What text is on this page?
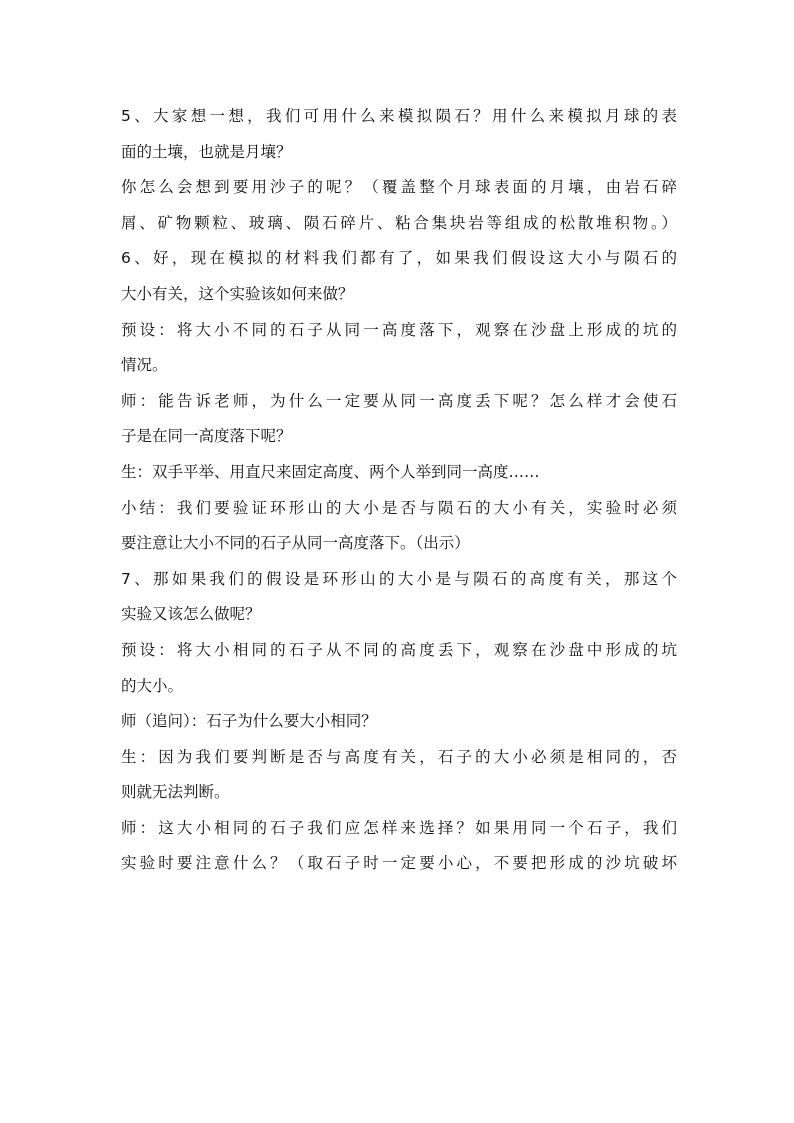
5、大家想一想，我们可用什么来模拟陨石？用什么来模拟月球的表
面的土壤，也就是月壤？
你怎么会想到要用沙子的呢？（覆盖整个月球表面的月壤，由岩石碎
屑、矿物颗粒、玻璃、陨石碎片、粘合集块岩等组成的松散堆积物。）
6、好，现在模拟的材料我们都有了，如果我们假设这大小与陨石的
大小有关，这个实验该如何来做？
预设：将大小不同的石子从同一高度落下，观察在沙盘上形成的坑的
情况。
师：能告诉老师，为什么一定要从同一高度丢下呢？怎么样才会使石
子是在同一高度落下呢？
生：双手平举、用直尺来固定高度、两个人举到同一高度……
小结：我们要验证环形山的大小是否与陨石的大小有关，实验时必须
要注意让大小不同的石子从同一高度落下。（出示）
7、那如果我们的假设是环形山的大小是与陨石的高度有关，那这个
实验又该怎么做呢？
预设：将大小相同的石子从不同的高度丢下，观察在沙盘中形成的坑
的大小。
师（追问）：石子为什么要大小相同？
生：因为我们要判断是否与高度有关，石子的大小必须是相同的，否
则就无法判断。
师：这大小相同的石子我们应怎样来选择？如果用同一个石子，我们
实验时要注意什么？（取石子时一定要小心，不要把形成的沙坑破坏
